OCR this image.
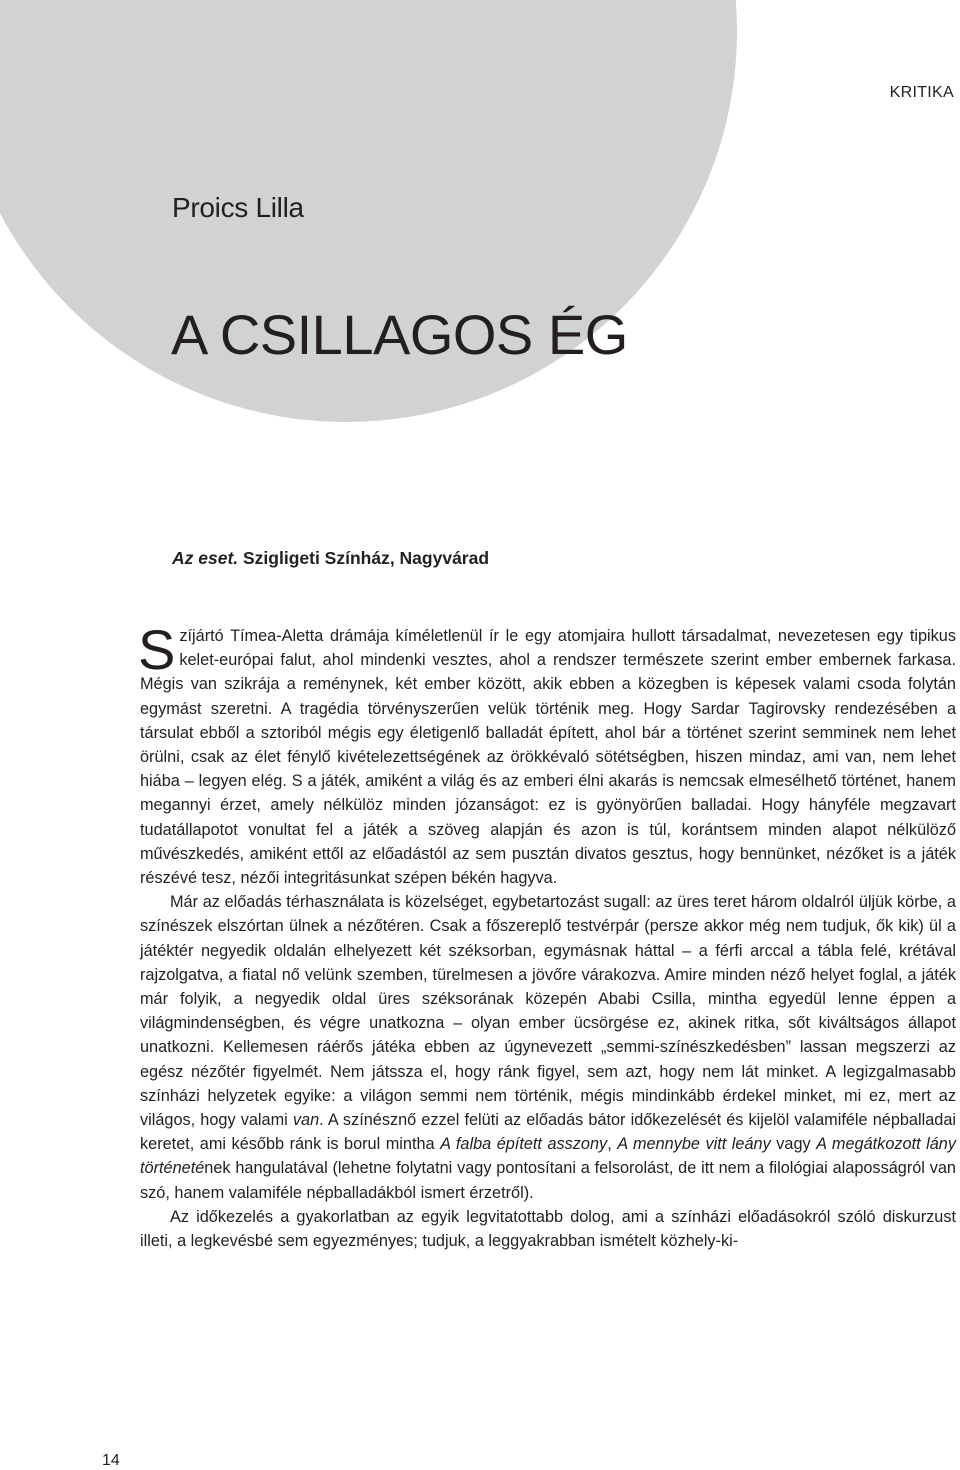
KRITIKA
Proics Lilla
A CSILLAGOS ÉG

Az eset. Szigligeti Színház, Nagyvárad

Szíjártó Tímea-Aletta drámája kíméletlenül ír le egy atomjaira hullott társadalmat, nevezetesen egy tipikus kelet-európai falut, ahol mindenki vesztes, ahol a rendszer természete szerint ember embernek farkasa. Mégis van szikrája a reménynek, két ember között, akik ebben a közegben is képesek valami csoda folytán egymást szeretni. A tragédia törvényszerűen velük történik meg. Hogy Sardar Tagirovsky rendezésében a társulat ebből a sztoriból mégis egy életigenlő balladát épített, ahol bár a történet szerint semminek nem lehet örülni, csak az élet fénylő kivételezettségének az örökkévaló sötétségben, hiszen mindaz, ami van, nem lehet hiába – legyen elég. S a játék, amiként a világ és az emberi élni akarás is nemcsak elmesélhető történet, hanem megannyi érzet, amely nélkülöz minden józanságot: ez is gyönyörűen balladai. Hogy hányféle megzavart tudatállapotot vonultat fel a játék a szöveg alapján és azon is túl, korántsem minden alapot nélkülöző művészkedés, amiként ettől az előadástól az sem pusztán divatos gesztus, hogy bennünket, nézőket is a játék részévé tesz, nézői integritásunkat szépen békén hagyva.

Már az előadás térhasználata is közelséget, egybetartozást sugall: az üres teret három oldalról üljük körbe, a színészek elszórtan ülnek a nézőtéren. Csak a főszereplő testvérpár (persze akkor még nem tudjuk, ők kik) ül a játéktér negyedik oldalán elhelyezett két széksorban, egymásnak háttal – a férfi arccal a tábla felé, krétával rajzolgatva, a fiatal nő velünk szemben, türelmesen a jövőre várakozva. Amire minden néző helyet foglal, a játék már folyik, a negyedik oldal üres széksorának közepén Ababi Csilla, mintha egyedül lenne éppen a világmindenségben, és végre unatkozna – olyan ember ücsörgése ez, akinek ritka, sőt kiváltságos állapot unatkozni. Kellemesen ráérős játéka ebben az úgynevezett „semmi-színészkedésben” lassan megszerzi az egész nézőtér figyelmét. Nem játssza el, hogy ránk figyel, sem azt, hogy nem lát minket. A legizgalmasabb színházi helyzetek egyike: a világon semmi nem történik, mégis mindinkább érdekel minket, mi ez, mert az világos, hogy valami van. A színésznő ezzel felüti az előadás bátor időkezelését és kijelöl valamiféle népballadai keretet, ami később ránk is borul mintha A falba épített asszony, A mennybe vitt leány vagy A megátkozott lány történetének hangulatával (lehetne folytatni vagy pontosítani a felsorolást, de itt nem a filológiai alaposságról van szó, hanem valamiféle népballadákból ismert érzetről).

Az időkezelés a gyakorlatban az egyik legvitatottabb dolog, ami a színházi előadásokról szóló diskurzust illeti, a legkevésbé sem egyezményes; tudjuk, a leggyakrabban ismételt közhely-ki-

14
